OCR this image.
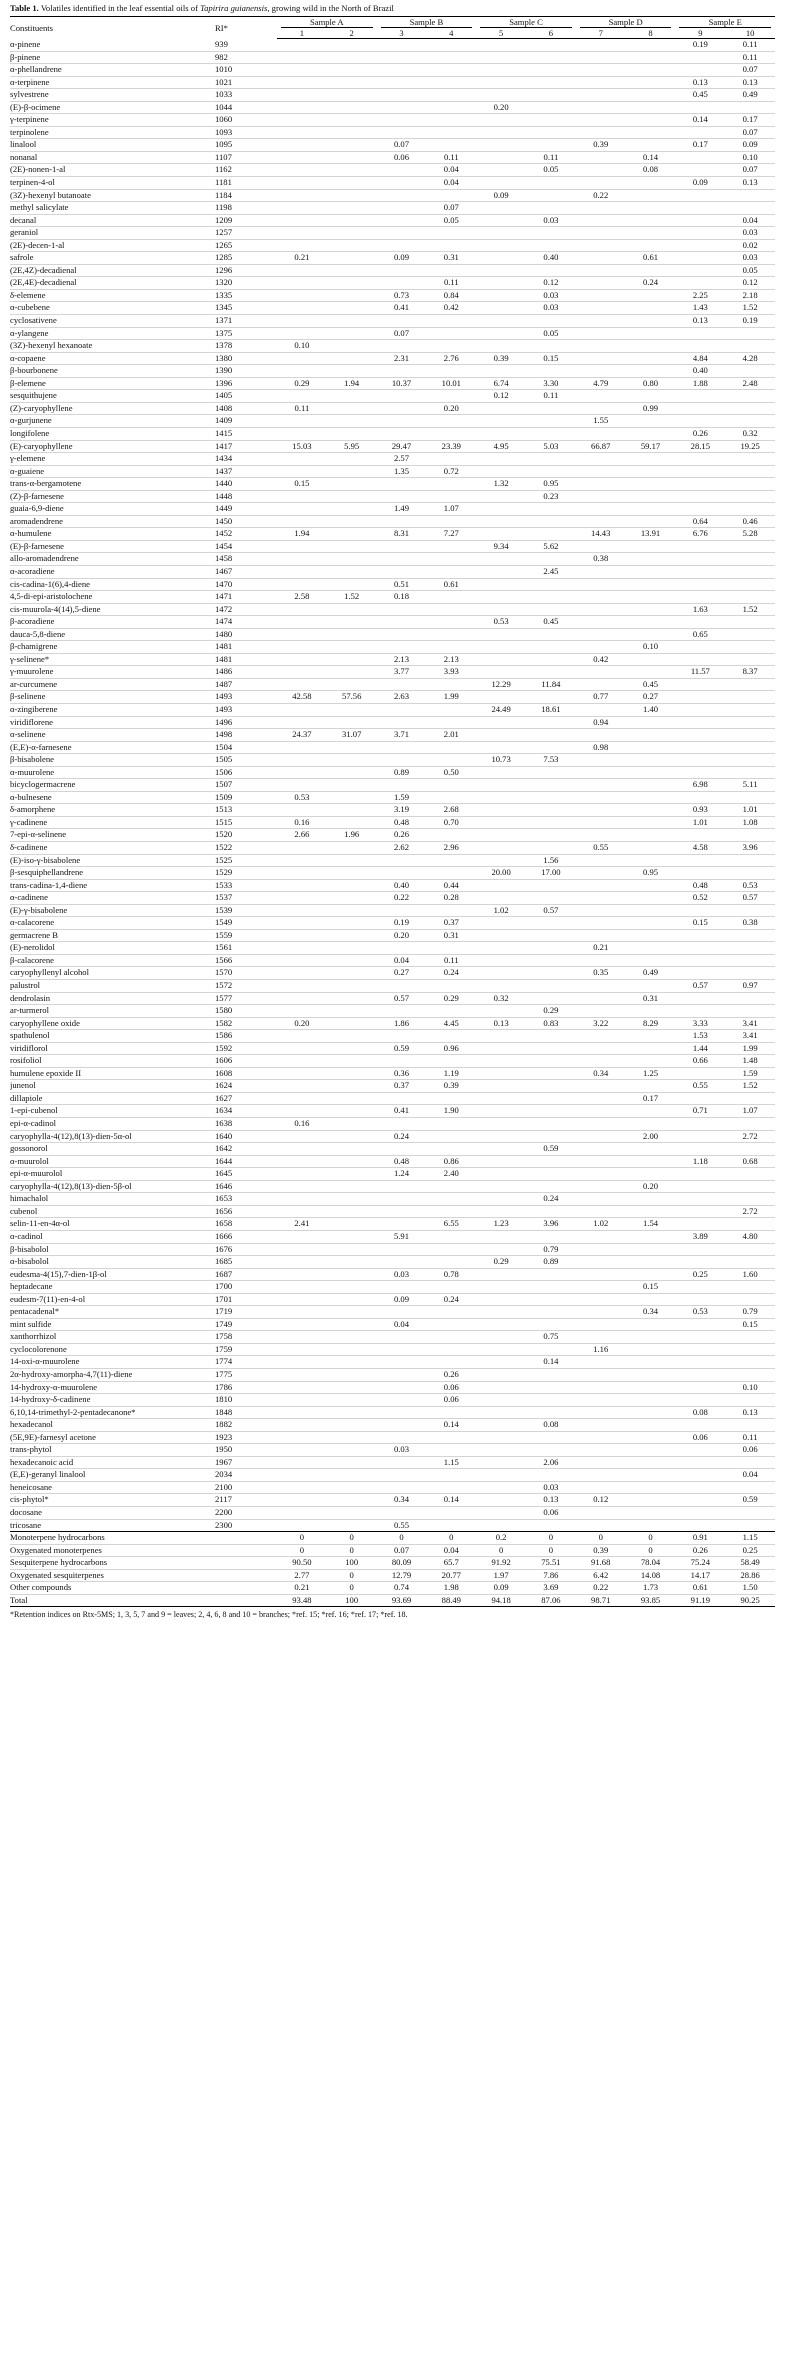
Table 1. Volatiles identified in the leaf essential oils of Tapirira guianensis, growing wild in the North of Brazil
Constituents	RI*	Sample A		Sample B		Sample C		Sample D		Sample E	

		1	2	3	4	5	6	7	8	9	10
α-pinene	939									0.19	0.11
β-pinene	982										0.11
α-phellandrene	1010										0.07
α-terpinene	1021									0.13	0.13
sylvestrene	1033									0.45	0.49
(E)-β-ocimene	1044					0.20					
γ-terpinene	1060									0.14	0.17
terpinolene	1093										0.07
linalool	1095			0.07				0.39		0.17	0.09
nonanal	1107			0.06	0.11		0.11		0.14		0.10
(2E)-nonen-1-al	1162				0.04		0.05		0.08		0.07
terpinen-4-ol	1181				0.04					0.09	0.13
(3Z)-hexenyl butanoate	1184					0.09		0.22			
methyl salicylate	1198				0.07						
decanal	1209				0.05		0.03				0.04
geraniol	1257										0.03
(2E)-decen-1-al	1265										0.02
safrole	1285	0.21		0.09	0.31		0.40		0.61		0.03
(2E,4Z)-decadienal	1296										0.05
(2E,4E)-decadienal	1320				0.11		0.12		0.24		0.12
δ-elemene	1335			0.73	0.84		0.03			2.25	2.18
α-cubebene	1345			0.41	0.42		0.03			1.43	1.52
cyclosativene	1371									0.13	0.19
α-ylangene	1375			0.07			0.05				
(3Z)-hexenyl hexanoate	1378	0.10									
α-copaene	1380			2.31	2.76	0.39	0.15			4.84	4.28
β-bourbonene	1390									0.40	
β-elemene	1396	0.29	1.94	10.37	10.01	6.74	3.30	4.79	0.80	1.88	2.48
sesquithujene	1405					0.12	0.11				
(Z)-caryophyllene	1408	0.11			0.20				0.99		
α-gurjunene	1409							1.55			
longifolene	1415									0.26	0.32
(E)-caryophyllene	1417	15.03	5.95	29.47	23.39	4.95	5.03	66.87	59.17	28.15	19.25
γ-elemene	1434			2.57							
α-guaiene	1437			1.35	0.72						
trans-α-bergamotene	1440	0.15				1.32	0.95				
(Z)-β-farnesene	1448						0.23				
guaia-6,9-diene	1449			1.49	1.07						
aromadendrene	1450									0.64	0.46
α-humulene	1452	1.94		8.31	7.27			14.43	13.91	6.76	5.28
(E)-β-farnesene	1454					9.34	5.62				
allo-aromadendrene	1458							0.38			
α-acoradiene	1467						2.45				
cis-cadina-1(6),4-diene	1470			0.51	0.61						
4,5-di-epi-aristolochene	1471	2.58	1.52	0.18							
cis-muurola-4(14),5-diene	1472									1.63	1.52
β-acoradiene	1474					0.53	0.45				
dauca-5,8-diene	1480									0.65	
β-chamigrene	1481								0.10		
γ-selinene*	1481			2.13	2.13			0.42			
γ-muurolene	1486			3.77	3.93					11.57	8.37
ar-curcumene	1487					12.29	11.84		0.45		
β-selinene	1493	42.58	57.56	2.63	1.99			0.77	0.27		
α-zingiberene	1493					24.49	18.61		1.40		
viridiflorene	1496							0.94			
α-selinene	1498	24.37	31.07	3.71	2.01						
(E,E)-α-farnesene	1504							0.98			
β-bisabolene	1505					10.73	7.53				
α-muurolene	1506			0.89	0.50						
bicyclogermacrene	1507									6.98	5.11
α-bulnesene	1509	0.53		1.59							
δ-amorphene	1513			3.19	2.68					0.93	1.01
γ-cadinene	1515	0.16		0.48	0.70					1.01	1.08
7-epi-α-selinene	1520	2.66	1.96	0.26							
δ-cadinene	1522			2.62	2.96			0.55		4.58	3.96
(E)-iso-γ-bisabolene	1525						1.56				
β-sesquiphellandrene	1529					20.00	17.00		0.95		
trans-cadina-1,4-diene	1533			0.40	0.44					0.48	0.53
α-cadinene	1537			0.22	0.28					0.52	0.57
(E)-γ-bisabolene	1539					1.02	0.57				
α-calacorene	1549			0.19	0.37					0.15	0.38
germacrene B	1559			0.20	0.31						
(E)-nerolidol	1561							0.21			
β-calacorene	1566			0.04	0.11						
caryophyllenyl alcohol	1570			0.27	0.24			0.35	0.49		
palustrol	1572									0.57	0.97
dendrolasin	1577			0.57	0.29	0.32			0.31		
ar-turmerol	1580						0.29				
caryophyllene oxide	1582	0.20		1.86	4.45	0.13	0.83	3.22	8.29	3.33	3.41
spathulenol	1586									1.53	3.41
viridiflorol	1592			0.59	0.96					1.44	1.99
rosifoliol	1606									0.66	1.48
humulene epoxide II	1608			0.36	1.19			0.34	1.25		1.59
junenol	1624			0.37	0.39					0.55	1.52
dillapiole	1627								0.17		
1-epi-cubenol	1634			0.41	1.90					0.71	1.07
epi-α-cadinol	1638	0.16									
caryophylla-4(12),8(13)-dien-5α-ol	1640			0.24					2.00		2.72
gossonorol	1642						0.59				
α-muurolol	1644			0.48	0.86					1.18	0.68
epi-α-muurolol	1645			1.24	2.40						
caryophylla-4(12),8(13)-dien-5β-ol	1646								0.20		
himachalol	1653						0.24				
cubenol	1656										2.72
selin-11-en-4α-ol	1658	2.41			6.55	1.23	3.96	1.02	1.54		
α-cadinol	1666			5.91						3.89	4.80
β-bisabolol	1676						0.79				
α-bisabolol	1685					0.29	0.89				
eudesma-4(15),7-dien-1β-ol	1687			0.03	0.78					0.25	1.60
heptadecane	1700								0.15		
eudesm-7(11)-en-4-ol	1701			0.09	0.24						
pentacadenal*	1719								0.34	0.53	0.79
mint sulfide	1749			0.04							0.15
xanthorrhizol	1758						0.75				
cyclocolorenone	1759							1.16			
14-oxi-α-muurolene	1774						0.14				
2α-hydroxy-amorpha-4,7(11)-diene	1775				0.26						
14-hydroxy-α-muurolene	1786				0.06						0.10
14-hydroxy-δ-cadinene	1810				0.06						
6,10,14-trimethyl-2-pentadecanone*	1848									0.08	0.13
hexadecanol	1882				0.14		0.08				
(5E,9E)-farnesyl acetone	1923									0.06	0.11
trans-phytol	1950			0.03							0.06
hexadecanoic acid	1967				1.15		2.06				
(E,E)-geranyl linalool	2034										0.04
heneicosane	2100						0.03				
cis-phytol*	2117			0.34	0.14		0.13	0.12			0.59
docosane	2200						0.06				
tricosane	2300			0.55							
Monoterpene hydrocarbons		0	0	0	0	0.2	0	0	0	0.91	1.15
Oxygenated monoterpenes		0	0	0.07	0.04	0	0	0.39	0	0.26	0.25
Sesquiterpene hydrocarbons		90.50	100	80.09	65.7	91.92	75.51	91.68	78.04	75.24	58.49
Oxygenated sesquiterpenes		2.77	0	12.79	20.77	1.97	7.86	6.42	14.08	14.17	28.86
Other compounds		0.21	0	0.74	1.98	0.09	3.69	0.22	1.73	0.61	1.50
Total		93.48	100	93.69	88.49	94.18	87.06	98.71	93.85	91.19	90.25
*Retention indices on Rtx-5MS; 1, 3, 5, 7 and 9 = leaves; 2, 4, 6, 8 and 10 = branches; *ref. 15; *ref. 16; *ref. 17; *ref. 18.
